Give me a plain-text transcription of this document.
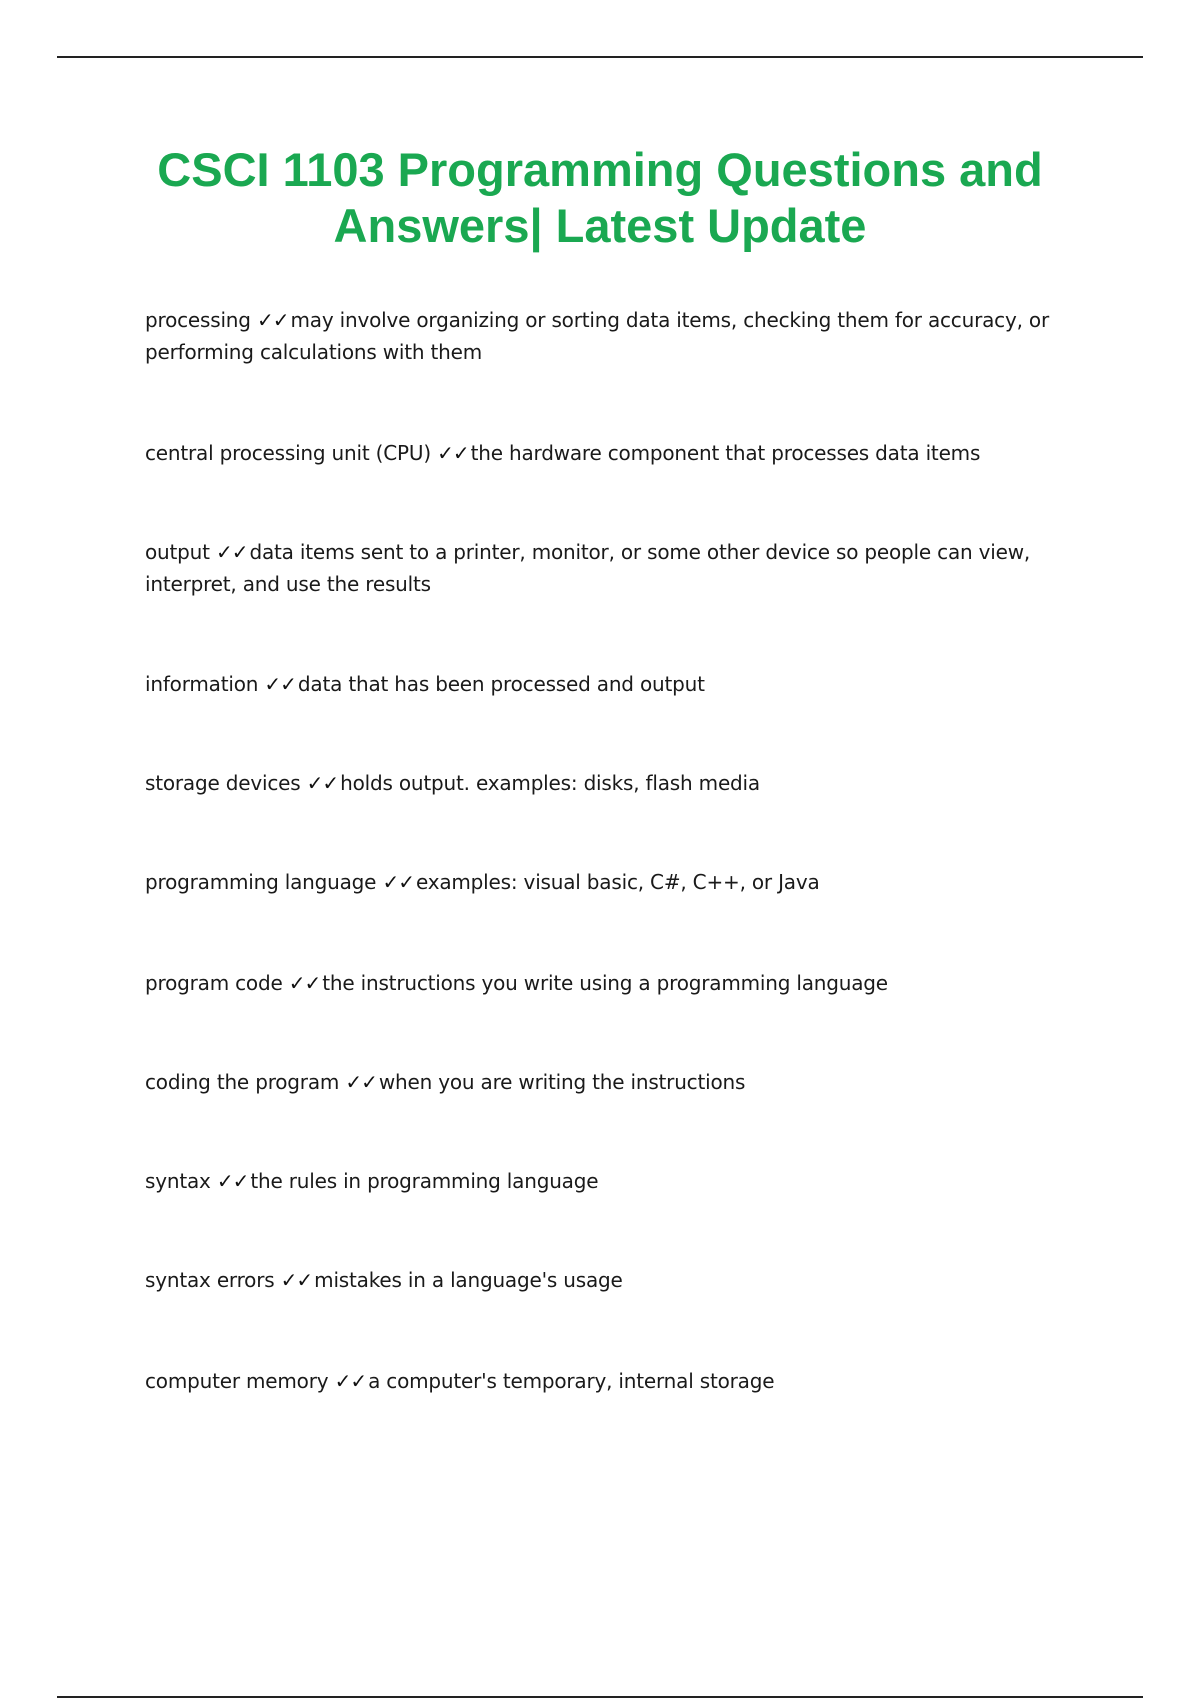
CSCI 1103 Programming Questions and Answers| Latest Update

processing ✓✓ may involve organizing or sorting data items, checking them for accuracy, or performing calculations with them

central processing unit (CPU) ✓✓ the hardware component that processes data items

output ✓✓ data items sent to a printer, monitor, or some other device so people can view, interpret, and use the results

information ✓✓ data that has been processed and output

storage devices ✓✓ holds output. examples: disks, flash media

programming language ✓✓ examples: visual basic, C#, C++, or Java

program code ✓✓ the instructions you write using a programming language

coding the program ✓✓ when you are writing the instructions

syntax ✓✓ the rules in programming language

syntax errors ✓✓ mistakes in a language's usage

computer memory ✓✓ a computer's temporary, internal storage
